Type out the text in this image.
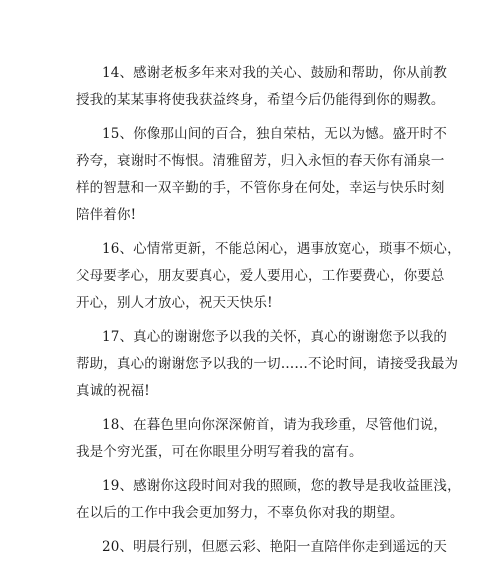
14、感谢老板多年来对我的关心、鼓励和帮助，你从前教
授我的某某事将使我获益终身，希望今后仍能得到你的赐教。
15、你像那山间的百合，独自荣枯，无以为憾。盛开时不
矜夸，衰谢时不悔恨。清雅留芳，归入永恒的春天你有涌泉一
样的智慧和一双辛勤的手，不管你身在何处，幸运与快乐时刻
陪伴着你!
16、心情常更新，不能总闲心，遇事放宽心，琐事不烦心，
父母要孝心，朋友要真心，爱人要用心，工作要费心，你要总
开心，别人才放心，祝天天快乐!
17、真心的谢谢您予以我的关怀，真心的谢谢您予以我的
帮助，真心的谢谢您予以我的一切……不论时间，请接受我最为
真诚的祝福!
18、在暮色里向你深深俯首，请为我珍重，尽管他们说，
我是个穷光蛋，可在你眼里分明写着我的富有。
19、感谢你这段时间对我的照顾，您的教导是我收益匪浅，
在以后的工作中我会更加努力，不辜负你对我的期望。
20、明晨行别，但愿云彩、艳阳一直陪伴你走到遥远的天
